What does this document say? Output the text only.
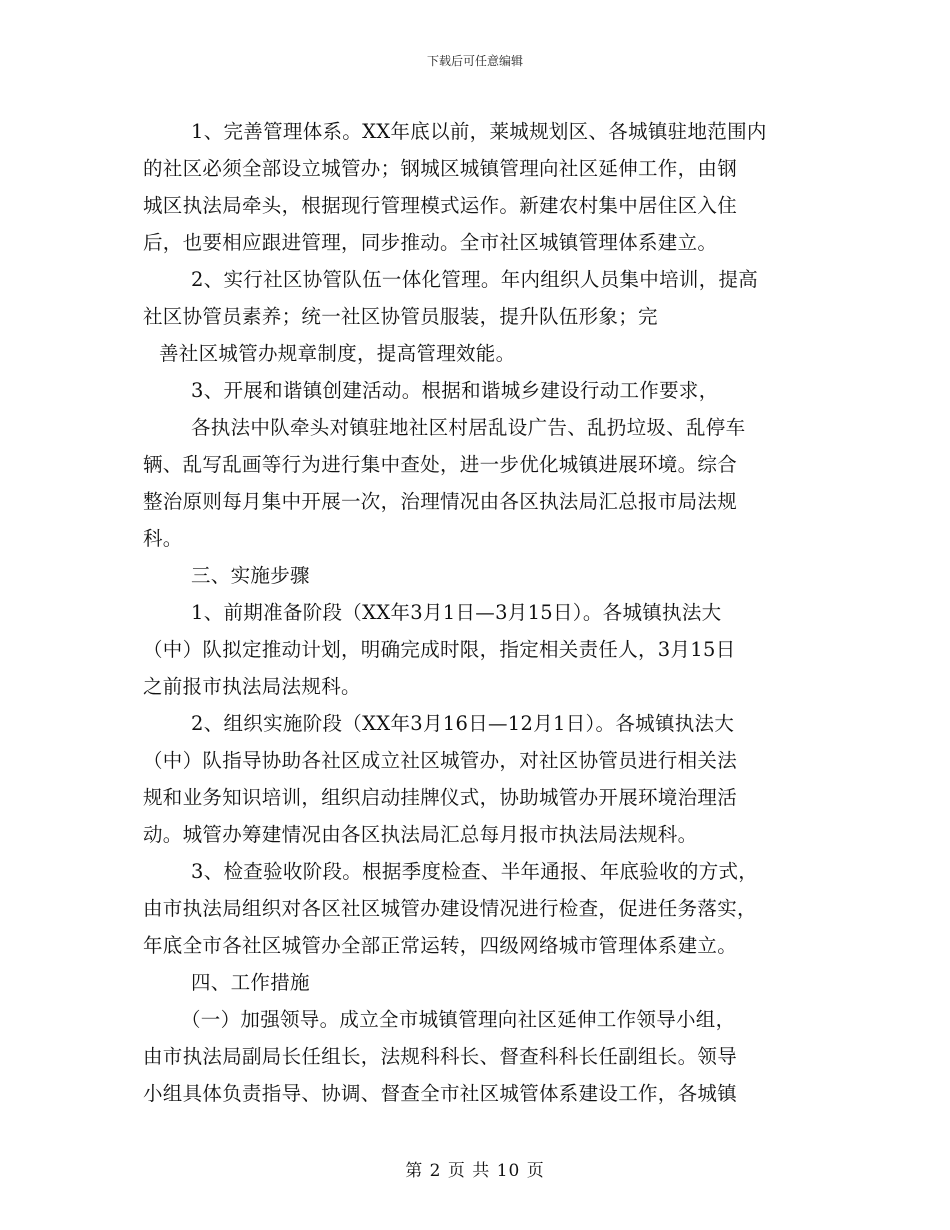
下载后可任意编辑
1、完善管理体系。XX年底以前，莱城规划区、各城镇驻地范围内
的社区必须全部设立城管办；钢城区城镇管理向社区延伸工作，由钢
城区执法局牵头，根据现行管理模式运作。新建农村集中居住区入住
后，也要相应跟进管理，同步推动。全市社区城镇管理体系建立。
2、实行社区协管队伍一体化管理。年内组织人员集中培训，提高
社区协管员素养；统一社区协管员服装，提升队伍形象；完
善社区城管办规章制度，提高管理效能。
3、开展和谐镇创建活动。根据和谐城乡建设行动工作要求，
各执法中队牵头对镇驻地社区村居乱设广告、乱扔垃圾、乱停车
辆、乱写乱画等行为进行集中查处，进一步优化城镇进展环境。综合
整治原则每月集中开展一次，治理情况由各区执法局汇总报市局法规
科。
三、实施步骤
1、前期准备阶段（XX年3月1日—3月15日）。各城镇执法大
（中）队拟定推动计划，明确完成时限，指定相关责任人，3月15日
之前报市执法局法规科。
2、组织实施阶段（XX年3月16日—12月1日）。各城镇执法大
（中）队指导协助各社区成立社区城管办，对社区协管员进行相关法
规和业务知识培训，组织启动挂牌仪式，协助城管办开展环境治理活
动。城管办筹建情况由各区执法局汇总每月报市执法局法规科。
3、检查验收阶段。根据季度检查、半年通报、年底验收的方式，
由市执法局组织对各区社区城管办建设情况进行检查，促进任务落实，
年底全市各社区城管办全部正常运转，四级网络城市管理体系建立。
四、工作措施
（一）加强领导。成立全市城镇管理向社区延伸工作领导小组，
由市执法局副局长任组长，法规科科长、督查科科长任副组长。领导
小组具体负责指导、协调、督查全市社区城管体系建设工作，各城镇
第 2 页 共 10 页
